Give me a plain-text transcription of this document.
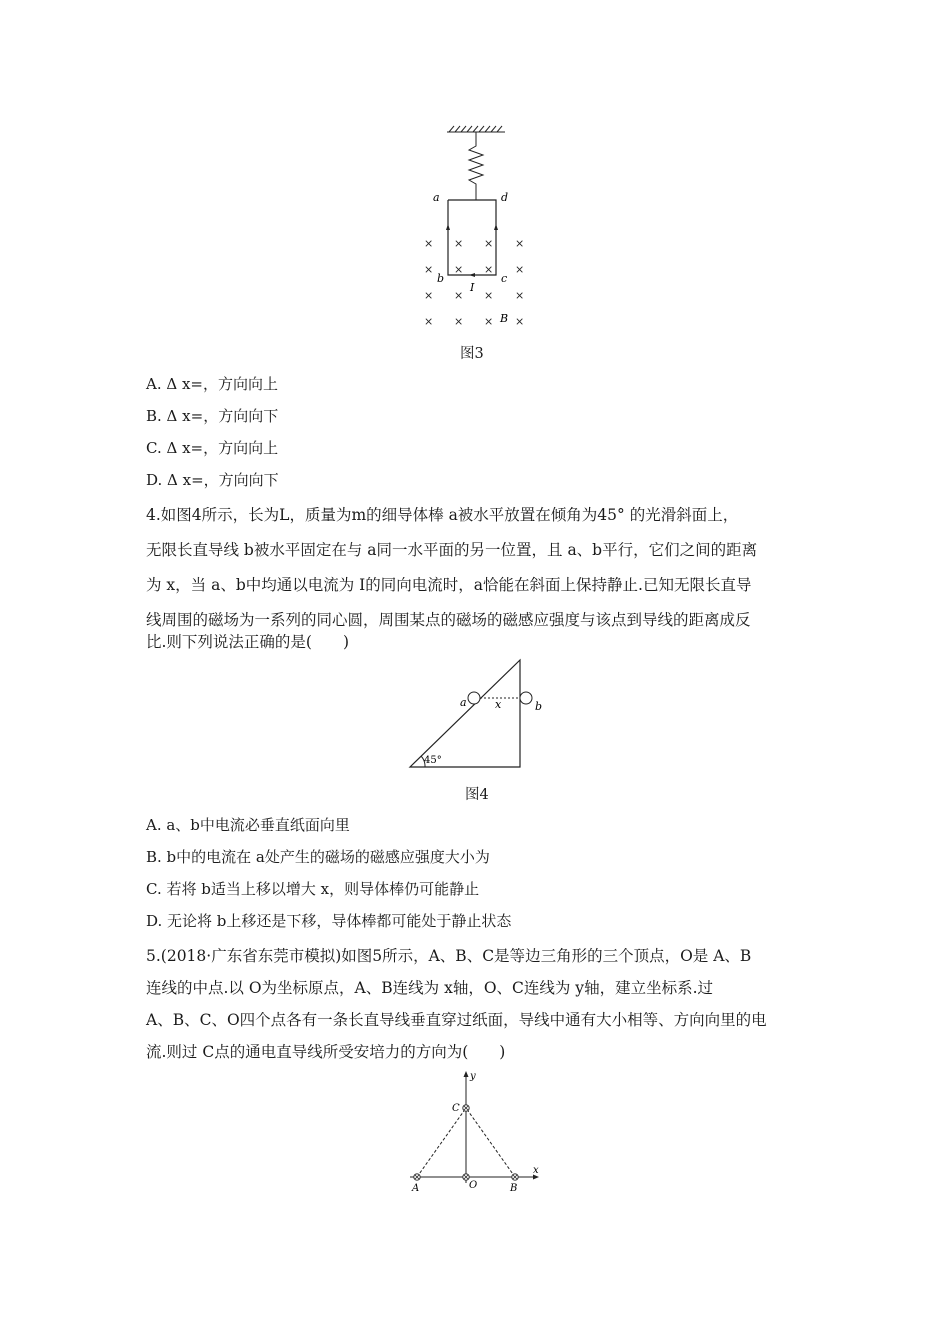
a	d
b	c
I
B
× × × ×
× × × ×
× × × ×
× × × ×
图3
A. Δ x=，方向向上
B. Δ x=，方向向下
C. Δ x=，方向向上
D. Δ x=，方向向下
4.如图4所示，长为L，质量为m的细导体棒 a被水平放置在倾角为45° 的光滑斜面上，
无限长直导线 b被水平固定在与 a同一水平面的另一位置，且 a、b平行，它们之间的距离
为 x，当 a、b中均通以电流为 I的同向电流时，a恰能在斜面上保持静止.已知无限长直导
线周围的磁场为一系列的同心圆，周围某点的磁场的磁感应强度与该点到导线的距离成反
比.则下列说法正确的是(　　)
45°
a	x	b
图4
A. a、b中电流必垂直纸面向里
B. b中的电流在 a处产生的磁场的磁感应强度大小为
C. 若将 b适当上移以增大 x，则导体棒仍可能静止
D. 无论将 b上移还是下移，导体棒都可能处于静止状态
5.(2018·广东省东莞市模拟)如图5所示，A、B、C是等边三角形的三个顶点，O是 A、B
连线的中点.以 O为坐标原点，A、B连线为 x轴，O、C连线为 y轴，建立坐标系.过
A、B、C、O四个点各有一条长直导线垂直穿过纸面，导线中通有大小相等、方向向里的电
流.则过 C点的通电直导线所受安培力的方向为(　　)
A	B
O
C
x
y
